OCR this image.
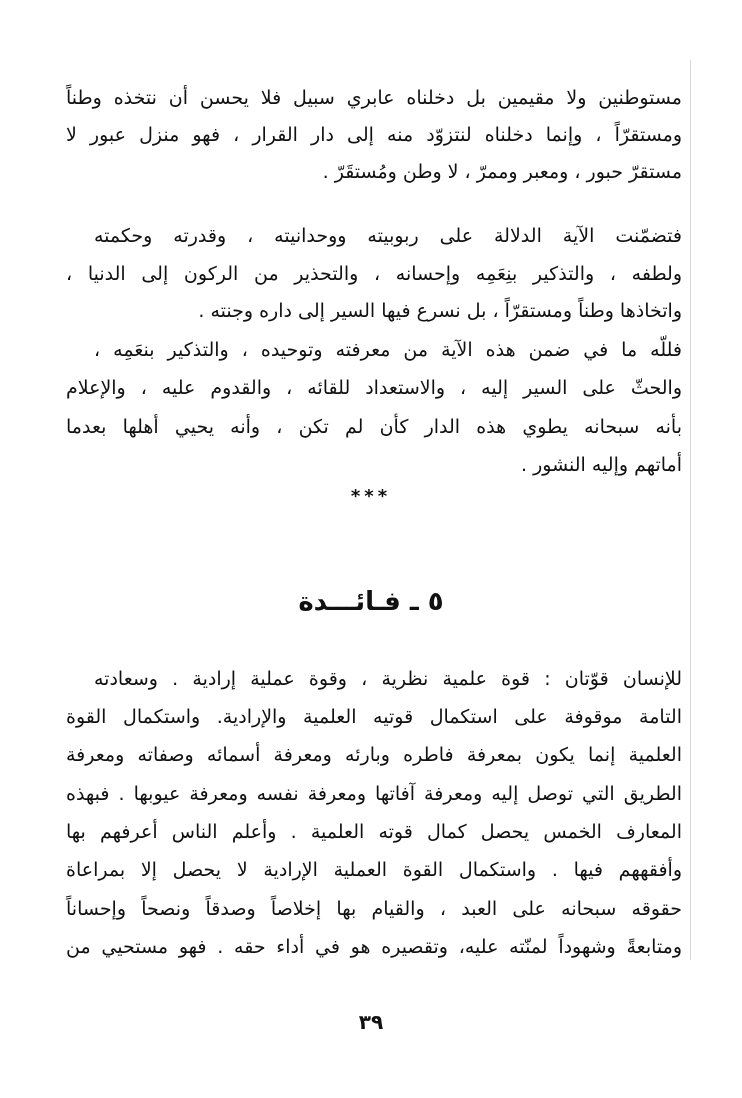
مستوطنين ولا مقيمين بل دخلناه عابري سبيل فلا يحسن أن نتخذه وطناً
ومستقرّاً ، وإنما دخلناه لنتزوّد منه إلى دار القرار ، فهو منزل عبور لا
مستقرّ حبور ، ومعبر وممرّ ، لا وطن ومُستقَرّ .
فتضمّنت الآية الدلالة على ربوبيته ووحدانيته ، وقدرته وحكمته
ولطفه ، والتذكير بنِعَمِه وإحسانه ، والتحذير من الركون إلى الدنيا ،
واتخاذها وطناً ومستقرّاً ، بل نسرع فيها السير إلى داره وجنته .
فللّه ما في ضمن هذه الآية من معرفته وتوحيده ، والتذكير بنعَمِه ،
والحثّ على السير إليه ، والاستعداد للقائه ، والقدوم عليه ، والإعلام
بأنه سبحانه يطوي هذه الدار كأن لم تكن ، وأنه يحيي أهلها بعدما
أماتهم وإليه النشور .
***
٥ ـ فـائـــدة
للإنسان قوّتان : قوة علمية نظرية ، وقوة عملية إرادية . وسعادته
التامة موقوفة على استكمال قوتيه العلمية والإرادية. واستكمال القوة
العلمية إنما يكون بمعرفة فاطره وبارئه ومعرفة أسمائه وصفاته ومعرفة
الطريق التي توصل إليه ومعرفة آفاتها ومعرفة نفسه ومعرفة عيوبها . فبهذه
المعارف الخمس يحصل كمال قوته العلمية . وأعلم الناس أعرفهم بها
وأفقههم فيها . واستكمال القوة العملية الإرادية لا يحصل إلا بمراعاة
حقوقه سبحانه على العبد ، والقيام بها إخلاصاً وصدقاً ونصحاً وإحساناً
ومتابعةً وشهوداً لمنّته عليه، وتقصيره هو في أداء حقه . فهو مستحيي من
٣٩
